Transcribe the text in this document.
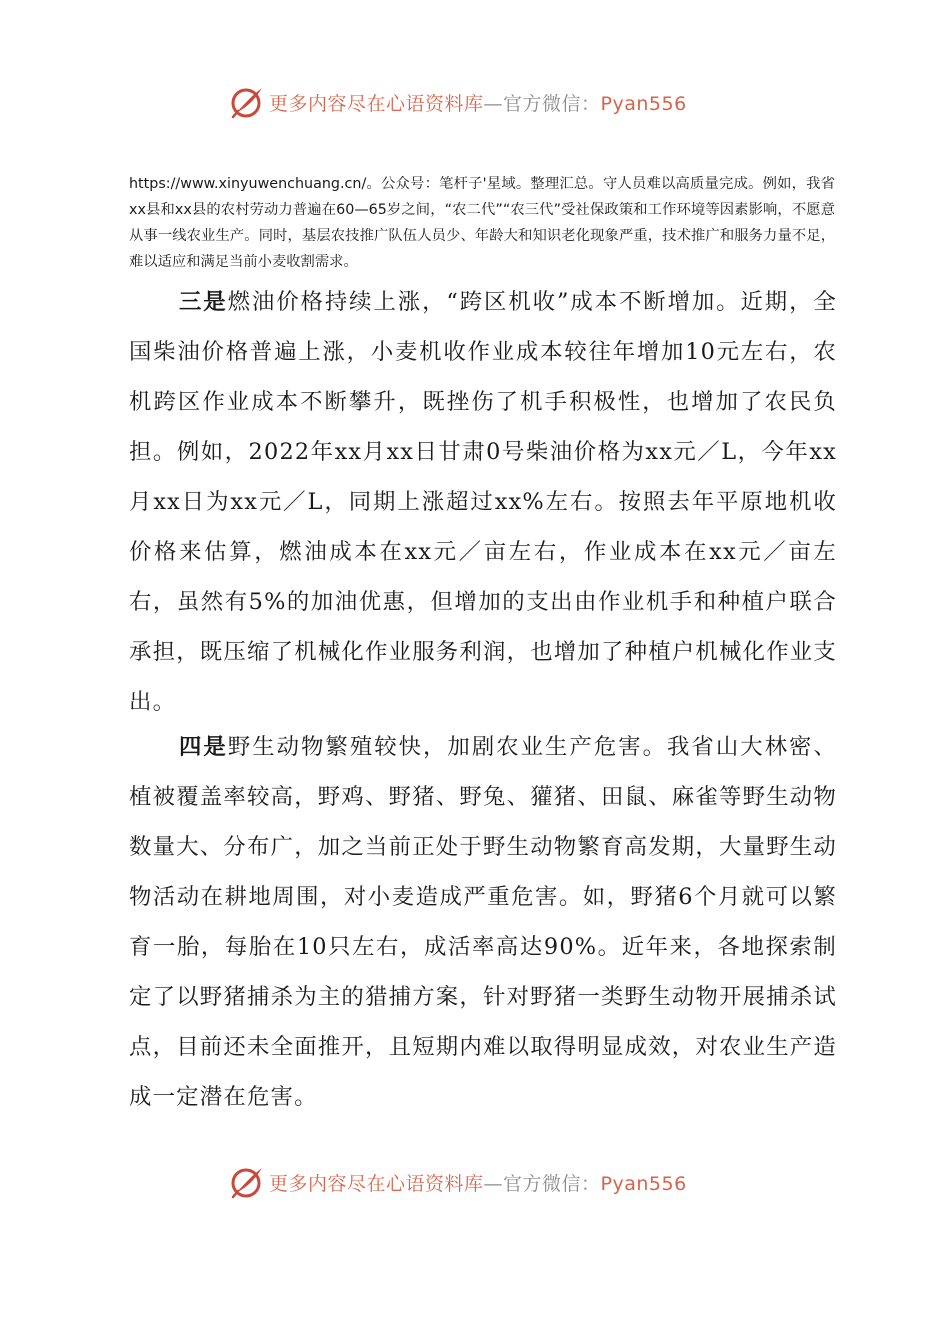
更多内容尽在心语资料库—官方微信：Pyan556

https://www.xinyuwenchuang.cn/。公众号：笔杆子'星域。整理汇总。守人员难以高质量完成。例如，我省xx县和xx县的农村劳动力普遍在60—65岁之间，“农二代”“农三代”受社保政策和工作环境等因素影响，不愿意从事一线农业生产。同时，基层农技推广队伍人员少、年龄大和知识老化现象严重，技术推广和服务力量不足，难以适应和满足当前小麦收割需求。

三是燃油价格持续上涨，“跨区机收”成本不断增加。近期，全国柴油价格普遍上涨，小麦机收作业成本较往年增加10元左右，农机跨区作业成本不断攀升，既挫伤了机手积极性，也增加了农民负担。例如，2022年xx月xx日甘肃0号柴油价格为xx元／L，今年xx月xx日为xx元／L，同期上涨超过xx%左右。按照去年平原地机收价格来估算，燃油成本在xx元／亩左右，作业成本在xx元／亩左右，虽然有5%的加油优惠，但增加的支出由作业机手和种植户联合承担，既压缩了机械化作业服务利润，也增加了种植户机械化作业支出。

四是野生动物繁殖较快，加剧农业生产危害。我省山大林密、植被覆盖率较高，野鸡、野猪、野兔、獾猪、田鼠、麻雀等野生动物数量大、分布广，加之当前正处于野生动物繁育高发期，大量野生动物活动在耕地周围，对小麦造成严重危害。如，野猪6个月就可以繁育一胎，每胎在10只左右，成活率高达90%。近年来，各地探索制定了以野猪捕杀为主的猎捕方案，针对野猪一类野生动物开展捕杀试点，目前还未全面推开，且短期内难以取得明显成效，对农业生产造成一定潜在危害。

更多内容尽在心语资料库—官方微信：Pyan556
